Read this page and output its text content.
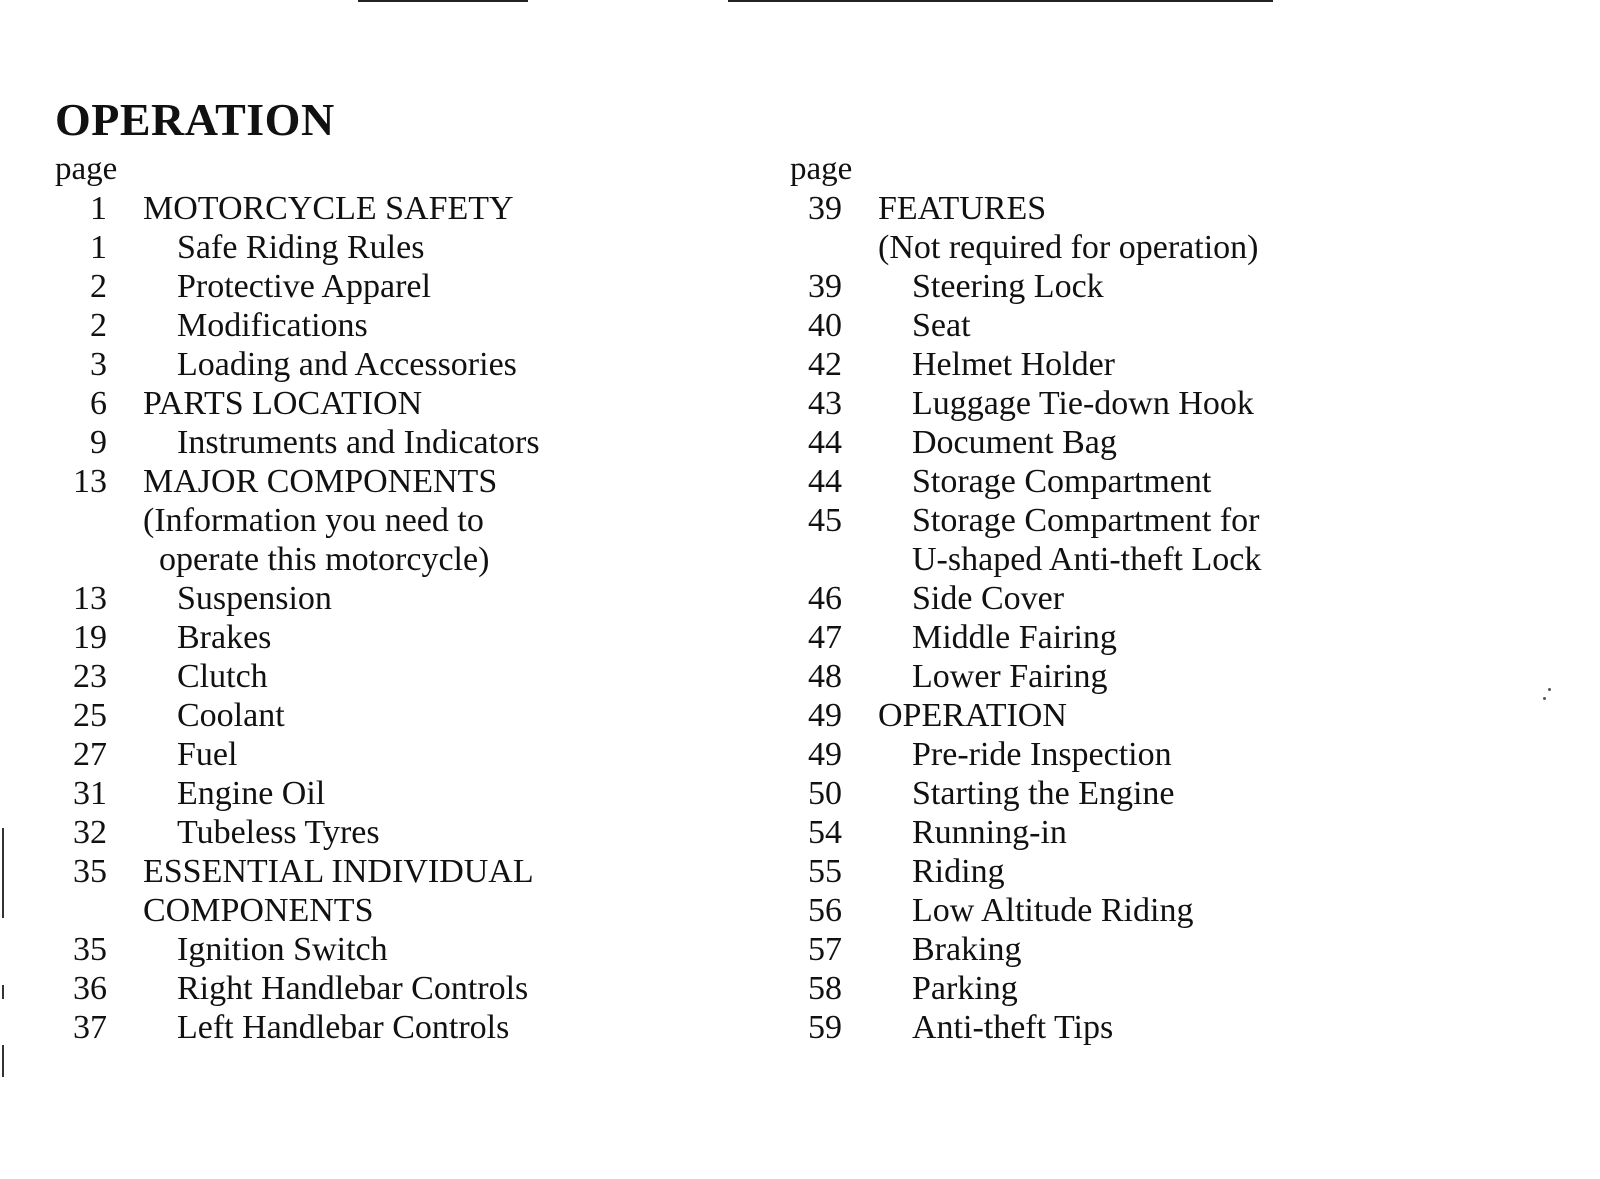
OPERATION
page
1 MOTORCYCLE SAFETY
1 Safe Riding Rules
2 Protective Apparel
2 Modifications
3 Loading and Accessories
6 PARTS LOCATION
9 Instruments and Indicators
13 MAJOR COMPONENTS
(Information you need to
operate this motorcycle)
13 Suspension
19 Brakes
23 Clutch
25 Coolant
27 Fuel
31 Engine Oil
32 Tubeless Tyres
35 ESSENTIAL INDIVIDUAL
COMPONENTS
35 Ignition Switch
36 Right Handlebar Controls
37 Left Handlebar Controls
page
39 FEATURES
(Not required for operation)
39 Steering Lock
40 Seat
42 Helmet Holder
43 Luggage Tie-down Hook
44 Document Bag
44 Storage Compartment
45 Storage Compartment for
U-shaped Anti-theft Lock
46 Side Cover
47 Middle Fairing
48 Lower Fairing
49 OPERATION
49 Pre-ride Inspection
50 Starting the Engine
54 Running-in
55 Riding
56 Low Altitude Riding
57 Braking
58 Parking
59 Anti-theft Tips
